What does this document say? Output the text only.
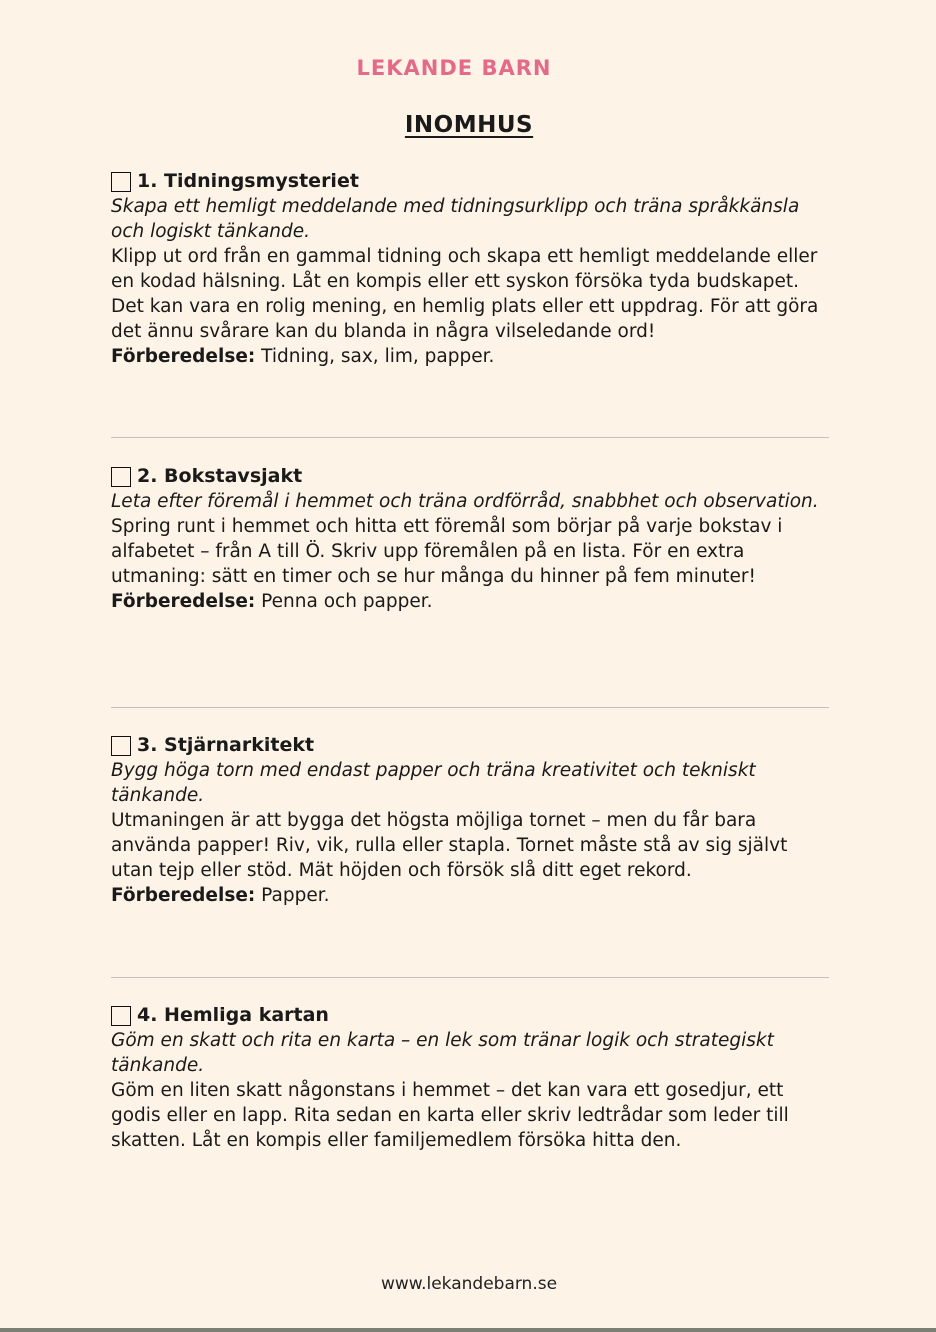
LEKANDE BARN
INOMHUS
1. Tidningsmysteriet
Skapa ett hemligt meddelande med tidningsurklipp och träna språkkänsla och logiskt tänkande.
Klipp ut ord från en gammal tidning och skapa ett hemligt meddelande eller en kodad hälsning. Låt en kompis eller ett syskon försöka tyda budskapet. Det kan vara en rolig mening, en hemlig plats eller ett uppdrag. För att göra det ännu svårare kan du blanda in några vilseledande ord!
Förberedelse: Tidning, sax, lim, papper.
2. Bokstavsjakt
Leta efter föremål i hemmet och träna ordförråd, snabbhet och observation.
Spring runt i hemmet och hitta ett föremål som börjar på varje bokstav i alfabetet – från A till Ö. Skriv upp föremålen på en lista. För en extra utmaning: sätt en timer och se hur många du hinner på fem minuter!
Förberedelse: Penna och papper.
3. Stjärnarkitekt
Bygg höga torn med endast papper och träna kreativitet och tekniskt tänkande.
Utmaningen är att bygga det högsta möjliga tornet – men du får bara använda papper! Riv, vik, rulla eller stapla. Tornet måste stå av sig självt utan tejp eller stöd. Mät höjden och försök slå ditt eget rekord.
Förberedelse: Papper.
4. Hemliga kartan
Göm en skatt och rita en karta – en lek som tränar logik och strategiskt tänkande.
Göm en liten skatt någonstans i hemmet – det kan vara ett gosedjur, ett godis eller en lapp. Rita sedan en karta eller skriv ledtrådar som leder till skatten. Låt en kompis eller familjemedlem försöka hitta den.
www.lekandebarn.se
